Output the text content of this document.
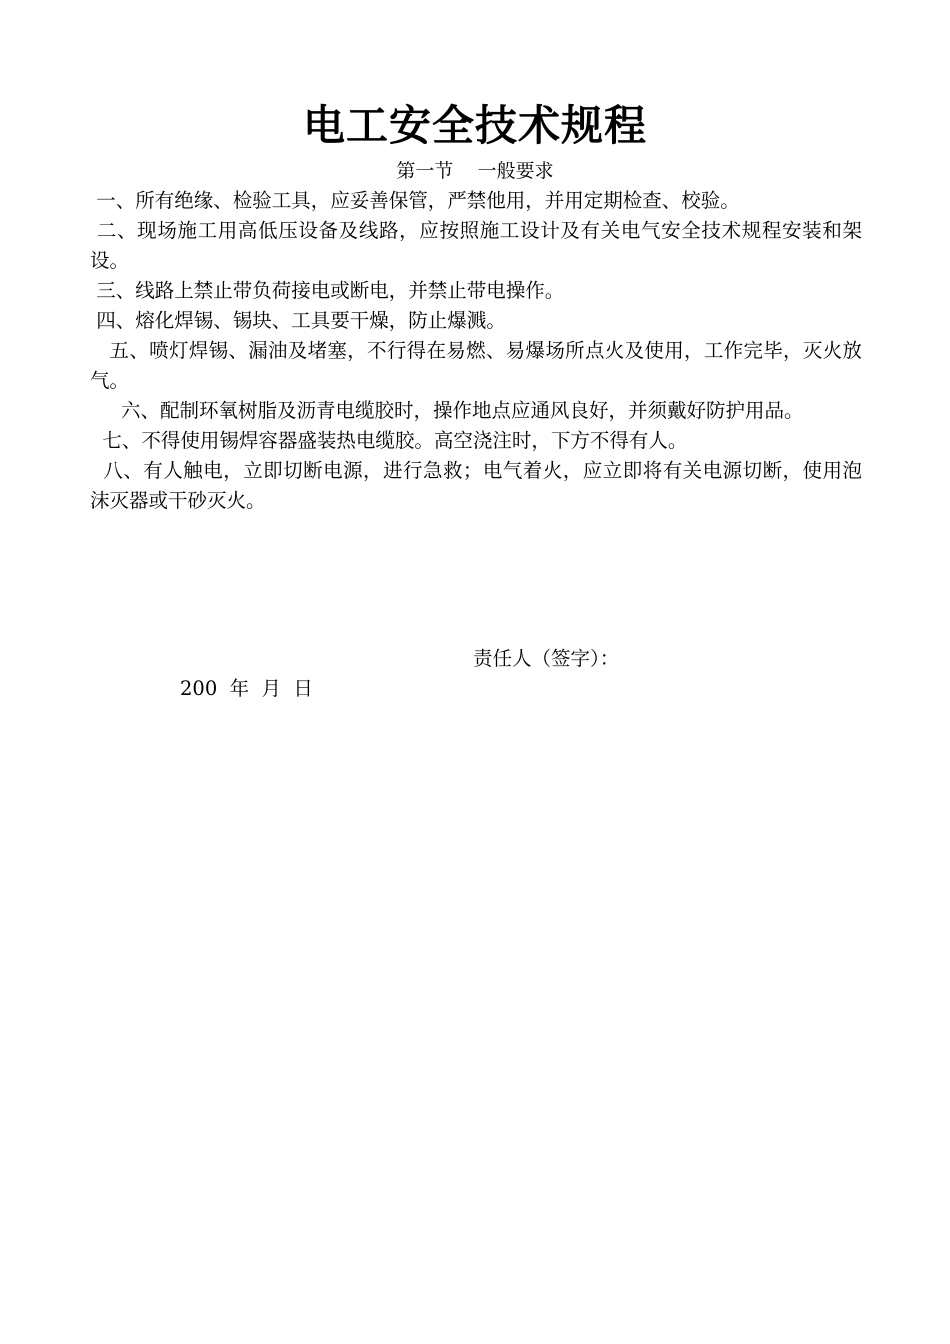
电工安全技术规程
第一节    一般要求

一、所有绝缘、检验工具，应妥善保管，严禁他用，并用定期检查、校验。

二、现场施工用高低压设备及线路，应按照施工设计及有关电气安全技术规程安装和架设。

三、线路上禁止带负荷接电或断电，并禁止带电操作。

四、熔化焊锡、锡块、工具要干燥，防止爆溅。

五、喷灯焊锡、漏油及堵塞，不行得在易燃、易爆场所点火及使用，工作完毕，灭火放气。

六、配制环氧树脂及沥青电缆胶时，操作地点应通风良好，并须戴好防护用品。

七、不得使用锡焊容器盛装热电缆胶。高空浇注时，下方不得有人。

八、有人触电，立即切断电源，进行急救；电气着火，应立即将有关电源切断，使用泡沫灭器或干砂灭火。

责任人（签字）：
200  年  月  日
